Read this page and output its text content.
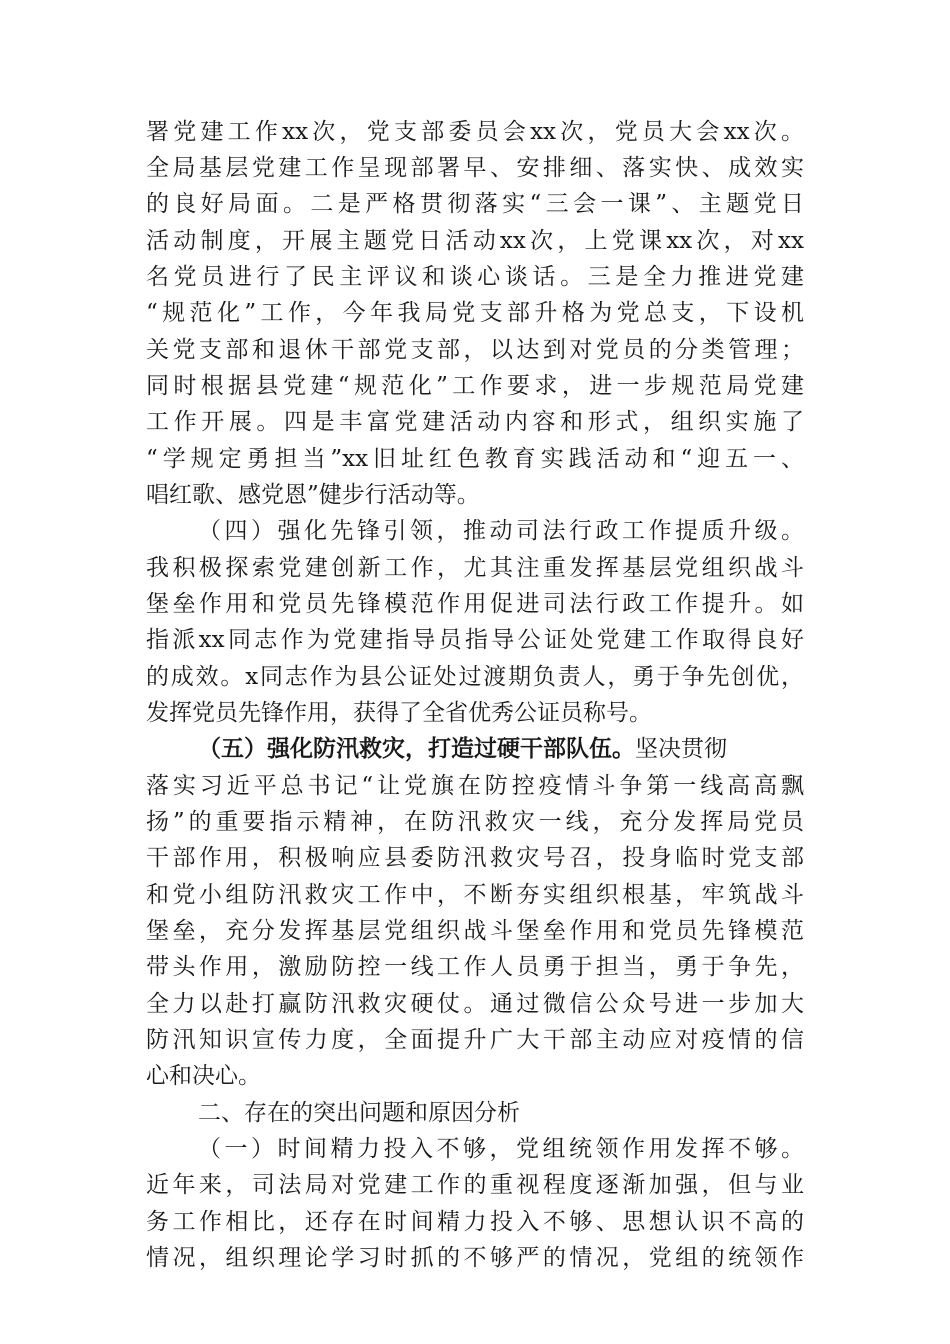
署党建工作xx次，党支部委员会xx次，党员大会xx次。
全局基层党建工作呈现部署早、安排细、落实快、成效实
的良好局面。二是严格贯彻落实“三会一课”、主题党日
活动制度，开展主题党日活动xx次，上党课xx次，对xx
名党员进行了民主评议和谈心谈话。三是全力推进党建
“规范化”工作，今年我局党支部升格为党总支，下设机
关党支部和退休干部党支部，以达到对党员的分类管理；
同时根据县党建“规范化”工作要求，进一步规范局党建
工作开展。四是丰富党建活动内容和形式，组织实施了
“学规定勇担当”xx旧址红色教育实践活动和“迎五一、
唱红歌、感党恩”健步行活动等。
（四）强化先锋引领，推动司法行政工作提质升级。
我积极探索党建创新工作，尤其注重发挥基层党组织战斗
堡垒作用和党员先锋模范作用促进司法行政工作提升。如
指派xx同志作为党建指导员指导公证处党建工作取得良好
的成效。x同志作为县公证处过渡期负责人，勇于争先创优，
发挥党员先锋作用，获得了全省优秀公证员称号。
（五）强化防汛救灾，打造过硬干部队伍。坚决贯彻
落实习近平总书记“让党旗在防控疫情斗争第一线高高飘
扬”的重要指示精神，在防汛救灾一线，充分发挥局党员
干部作用，积极响应县委防汛救灾号召，投身临时党支部
和党小组防汛救灾工作中，不断夯实组织根基，牢筑战斗
堡垒，充分发挥基层党组织战斗堡垒作用和党员先锋模范
带头作用，激励防控一线工作人员勇于担当，勇于争先，
全力以赴打赢防汛救灾硬仗。通过微信公众号进一步加大
防汛知识宣传力度，全面提升广大干部主动应对疫情的信
心和决心。
二、存在的突出问题和原因分析
（一）时间精力投入不够，党组统领作用发挥不够。
近年来，司法局对党建工作的重视程度逐渐加强，但与业
务工作相比，还存在时间精力投入不够、思想认识不高的
情况，组织理论学习时抓的不够严的情况，党组的统领作
